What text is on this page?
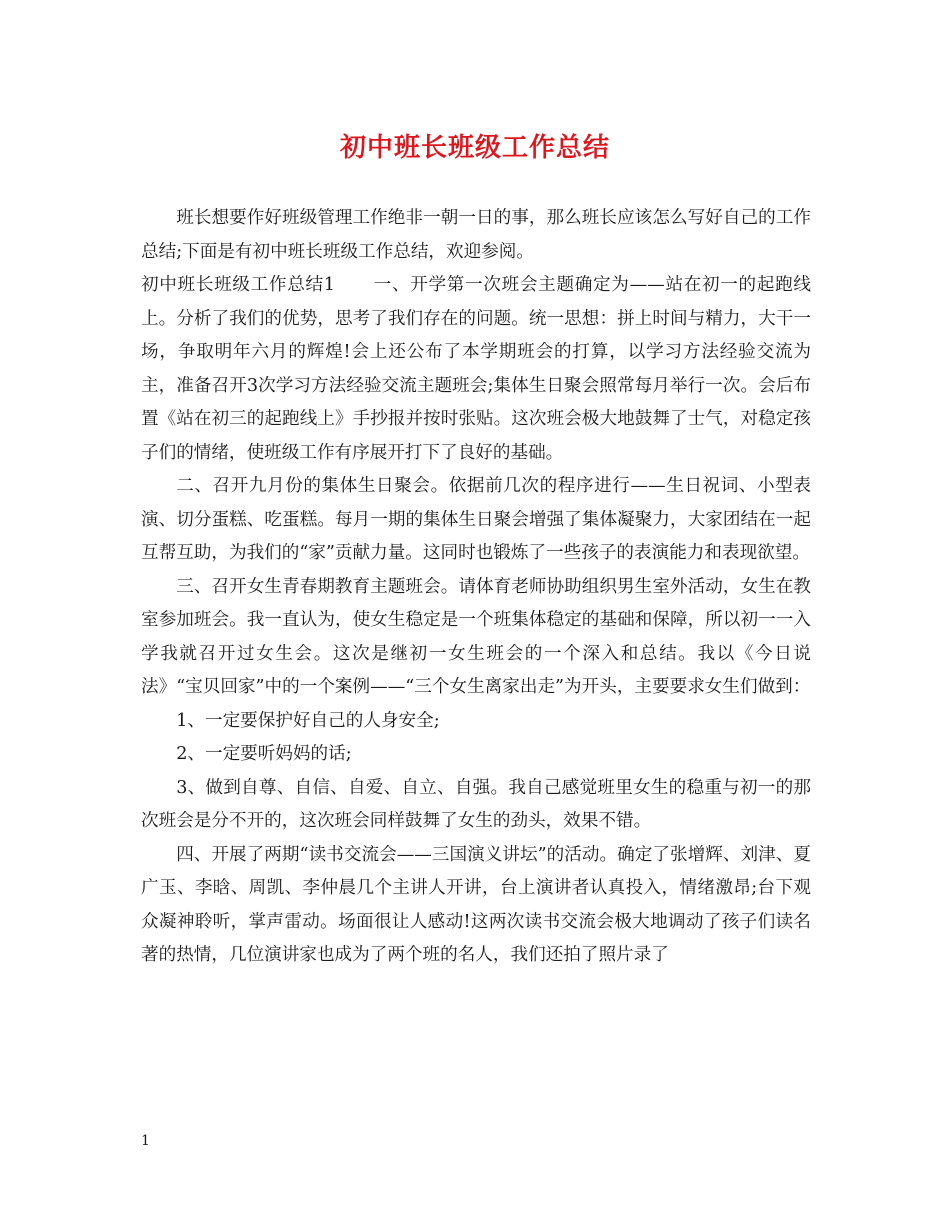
初中班长班级工作总结

班长想要作好班级管理工作绝非一朝一日的事，那么班长应该怎么写好自己的工作总结;下面是有初中班长班级工作总结，欢迎参阅。

初中班长班级工作总结1 一、开学第一次班会主题确定为——站在初一的起跑线上。分析了我们的优势，思考了我们存在的问题。统一思想：拼上时间与精力，大干一场，争取明年六月的辉煌!会上还公布了本学期班会的打算，以学习方法经验交流为主，准备召开3次学习方法经验交流主题班会;集体生日聚会照常每月举行一次。会后布置《站在初三的起跑线上》手抄报并按时张贴。这次班会极大地鼓舞了士气，对稳定孩子们的情绪，使班级工作有序展开打下了良好的基础。

二、召开九月份的集体生日聚会。依据前几次的程序进行——生日祝词、小型表演、切分蛋糕、吃蛋糕。每月一期的集体生日聚会增强了集体凝聚力，大家团结在一起互帮互助，为我们的“家”贡献力量。这同时也锻炼了一些孩子的表演能力和表现欲望。

三、召开女生青春期教育主题班会。请体育老师协助组织男生室外活动，女生在教室参加班会。我一直认为，使女生稳定是一个班集体稳定的基础和保障，所以初一一入学我就召开过女生会。这次是继初一女生班会的一个深入和总结。我以《今日说法》“宝贝回家”中的一个案例——“三个女生离家出走”为开头，主要要求女生们做到：

1、一定要保护好自己的人身安全;

2、一定要听妈妈的话;

3、做到自尊、自信、自爱、自立、自强。我自己感觉班里女生的稳重与初一的那次班会是分不开的，这次班会同样鼓舞了女生的劲头，效果不错。

四、开展了两期“读书交流会——三国演义讲坛”的活动。确定了张增辉、刘津、夏广玉、李晗、周凯、李仲晨几个主讲人开讲，台上演讲者认真投入，情绪激昂;台下观众凝神聆听，掌声雷动。场面很让人感动!这两次读书交流会极大地调动了孩子们读名著的热情，几位演讲家也成为了两个班的名人，我们还拍了照片录了

1
